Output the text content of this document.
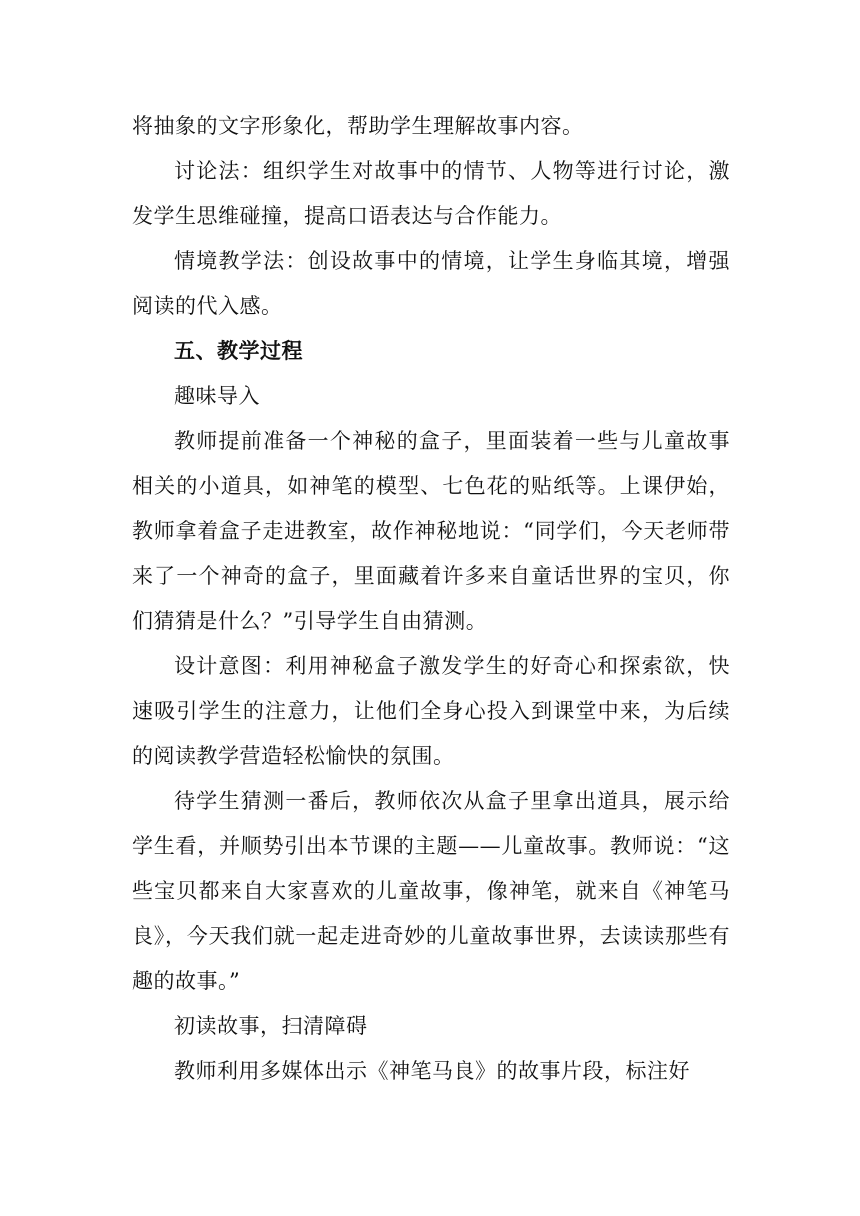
将抽象的文字形象化，帮助学生理解故事内容。

讨论法：组织学生对故事中的情节、人物等进行讨论，激发学生思维碰撞，提高口语表达与合作能力。

情境教学法：创设故事中的情境，让学生身临其境，增强阅读的代入感。

五、教学过程

趣味导入

教师提前准备一个神秘的盒子，里面装着一些与儿童故事相关的小道具，如神笔的模型、七色花的贴纸等。上课伊始，教师拿着盒子走进教室，故作神秘地说：“同学们，今天老师带来了一个神奇的盒子，里面藏着许多来自童话世界的宝贝，你们猜猜是什么？”引导学生自由猜测。

设计意图：利用神秘盒子激发学生的好奇心和探索欲，快速吸引学生的注意力，让他们全身心投入到课堂中来，为后续的阅读教学营造轻松愉快的氛围。

待学生猜测一番后，教师依次从盒子里拿出道具，展示给学生看，并顺势引出本节课的主题——儿童故事。教师说：“这些宝贝都来自大家喜欢的儿童故事，像神笔，就来自《神笔马良》，今天我们就一起走进奇妙的儿童故事世界，去读读那些有趣的故事。”

初读故事，扫清障碍

教师利用多媒体出示《神笔马良》的故事片段，标注好
